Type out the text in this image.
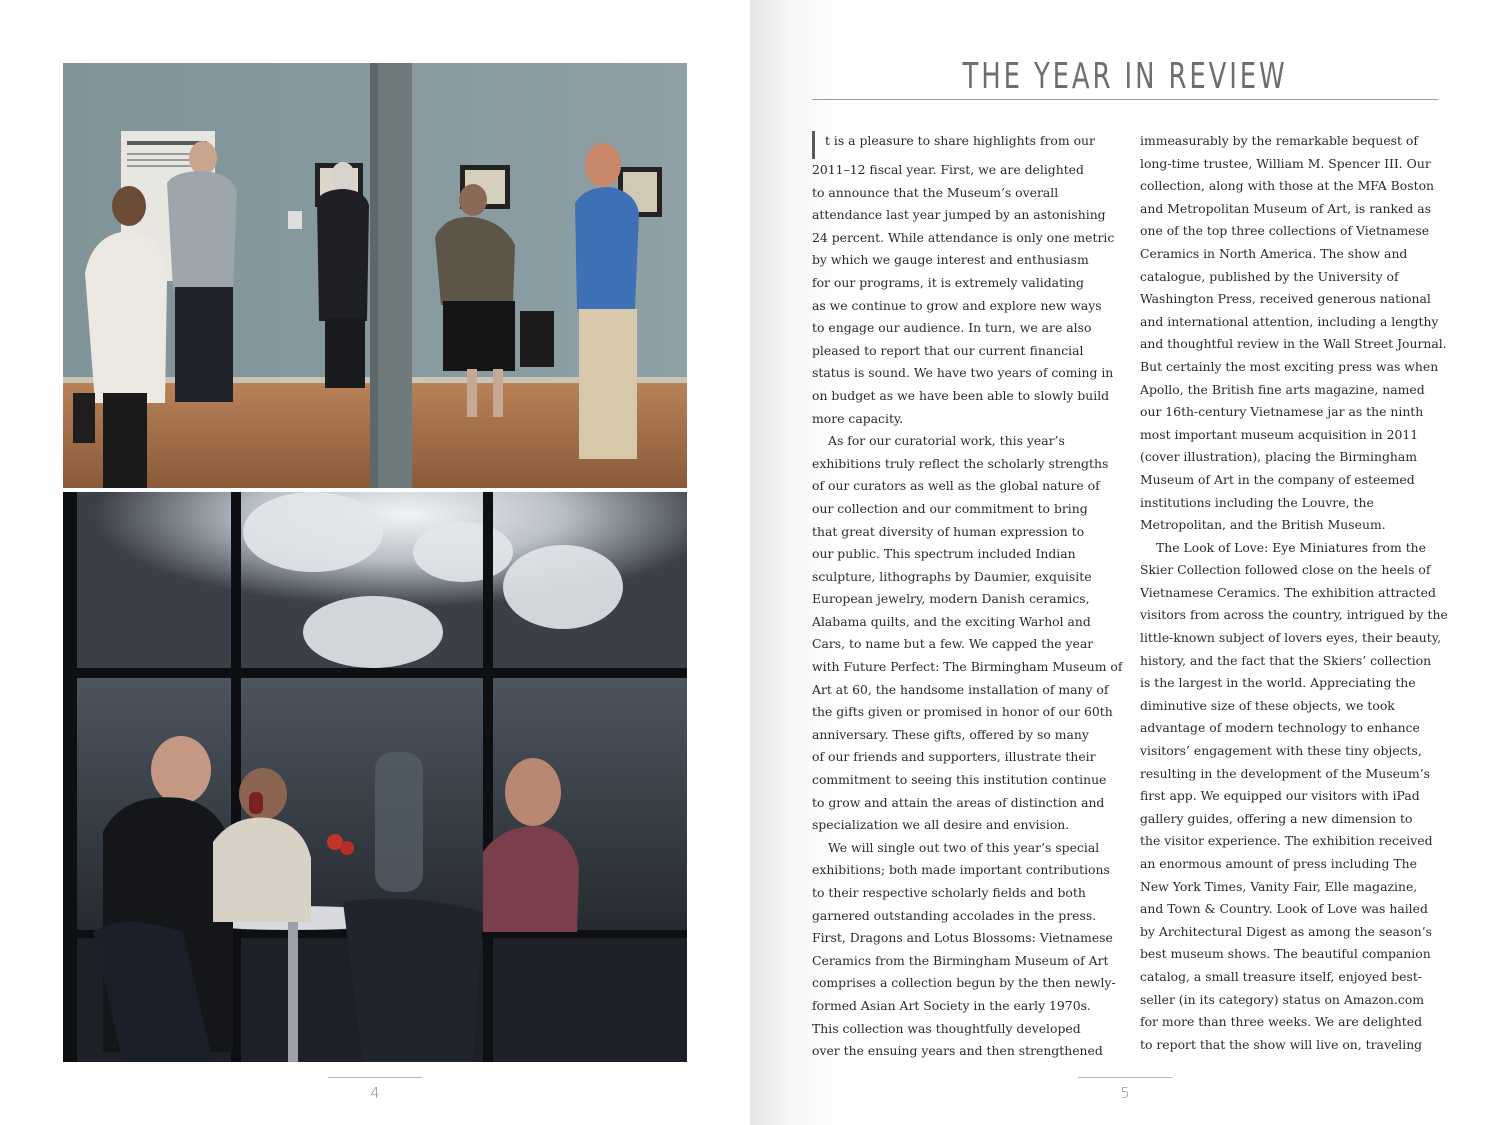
4
THE YEAR IN REVIEW
t is a pleasure to share highlights from our
2011–12 fiscal year. First, we are delighted
to announce that the Museum’s overall
attendance last year jumped by an astonishing
24 percent. While attendance is only one metric
by which we gauge interest and enthusiasm
for our programs, it is extremely validating
as we continue to grow and explore new ways
to engage our audience. In turn, we are also
pleased to report that our current financial
status is sound. We have two years of coming in
on budget as we have been able to slowly build
more capacity.
As for our curatorial work, this year’s
exhibitions truly reflect the scholarly strengths
of our curators as well as the global nature of
our collection and our commitment to bring
that great diversity of human expression to
our public. This spectrum included Indian
sculpture, lithographs by Daumier, exquisite
European jewelry, modern Danish ceramics,
Alabama quilts, and the exciting Warhol and
Cars, to name but a few. We capped the year
with Future Perfect: The Birmingham Museum of
Art at 60, the handsome installation of many of
the gifts given or promised in honor of our 60th
anniversary. These gifts, offered by so many
of our friends and supporters, illustrate their
commitment to seeing this institution continue
to grow and attain the areas of distinction and
specialization we all desire and envision.
We will single out two of this year’s special
exhibitions; both made important contributions
to their respective scholarly fields and both
garnered outstanding accolades in the press.
First, Dragons and Lotus Blossoms: Vietnamese
Ceramics from the Birmingham Museum of Art
comprises a collection begun by the then newly-
formed Asian Art Society in the early 1970s.
This collection was thoughtfully developed
over the ensuing years and then strengthened
immeasurably by the remarkable bequest of
long-time trustee, William M. Spencer III. Our
collection, along with those at the MFA Boston
and Metropolitan Museum of Art, is ranked as
one of the top three collections of Vietnamese
Ceramics in North America. The show and
catalogue, published by the University of
Washington Press, received generous national
and international attention, including a lengthy
and thoughtful review in the Wall Street Journal.
But certainly the most exciting press was when
Apollo, the British fine arts magazine, named
our 16th-century Vietnamese jar as the ninth
most important museum acquisition in 2011
(cover illustration), placing the Birmingham
Museum of Art in the company of esteemed
institutions including the Louvre, the
Metropolitan, and the British Museum.
The Look of Love: Eye Miniatures from the
Skier Collection followed close on the heels of
Vietnamese Ceramics. The exhibition attracted
visitors from across the country, intrigued by the
little-known subject of lovers eyes, their beauty,
history, and the fact that the Skiers’ collection
is the largest in the world. Appreciating the
diminutive size of these objects, we took
advantage of modern technology to enhance
visitors’ engagement with these tiny objects,
resulting in the development of the Museum’s
first app. We equipped our visitors with iPad
gallery guides, offering a new dimension to
the visitor experience. The exhibition received
an enormous amount of press including The
New York Times, Vanity Fair, Elle magazine,
and Town & Country. Look of Love was hailed
by Architectural Digest as among the season’s
best museum shows. The beautiful companion
catalog, a small treasure itself, enjoyed best-
seller (in its category) status on Amazon.com
for more than three weeks. We are delighted
to report that the show will live on, traveling
5
